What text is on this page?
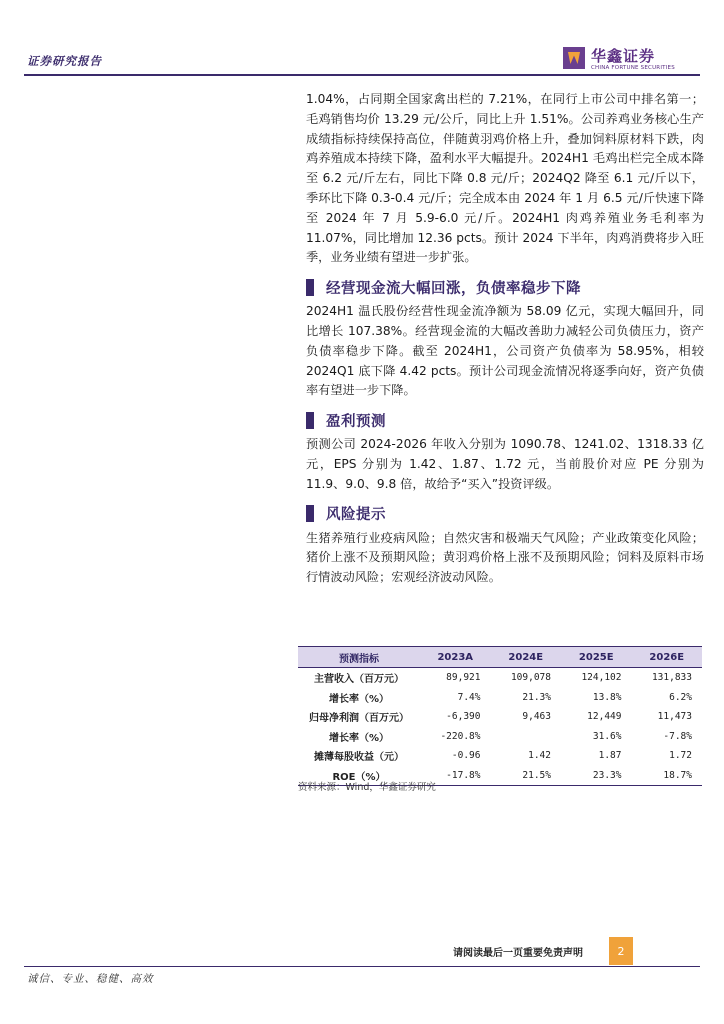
证券研究报告	华鑫证券
CHINA FORTUNE SECURITIES

1.04%，占同期全国家禽出栏的 7.21%，在同行上市公司中排名第一；毛鸡销售均价 13.29 元/公斤，同比上升 1.51%。公司养鸡业务核心生产成绩指标持续保持高位，伴随黄羽鸡价格上升，叠加饲料原材料下跌，肉鸡养殖成本持续下降，盈利水平大幅提升。2024H1 毛鸡出栏完全成本降至 6.2 元/斤左右，同比下降 0.8 元/斤；2024Q2 降至 6.1 元/斤以下，季环比下降 0.3-0.4 元/斤；完全成本由 2024 年 1 月 6.5 元/斤快速下降至 2024 年 7 月 5.9-6.0 元/斤。2024H1 肉鸡养殖业务毛利率为 11.07%，同比增加 12.36 pcts。预计 2024 下半年，肉鸡消费将步入旺季，业务业绩有望进一步扩张。

经营现金流大幅回涨，负债率稳步下降

2024H1 温氏股份经营性现金流净额为 58.09 亿元，实现大幅回升，同比增长 107.38%。经营现金流的大幅改善助力减轻公司负债压力，资产负债率稳步下降。截至 2024H1，公司资产负债率为 58.95%，相较 2024Q1 底下降 4.42 pcts。预计公司现金流情况将逐季向好，资产负债率有望进一步下降。

盈利预测

预测公司 2024-2026 年收入分别为 1090.78、1241.02、1318.33 亿元，EPS 分别为 1.42、1.87、1.72 元，当前股价对应 PE 分别为 11.9、9.0、9.8 倍，故给予“买入”投资评级。

风险提示

生猪养殖行业疫病风险；自然灾害和极端天气风险；产业政策变化风险；猪价上涨不及预期风险；黄羽鸡价格上涨不及预期风险；饲料及原料市场行情波动风险；宏观经济波动风险。

预测指标	2023A	2024E	2025E	2026E
主营收入（百万元）	89,921	109,078	124,102	131,833
增长率（%）	7.4%	21.3%	13.8%	6.2%
归母净利润（百万元）	-6,390	9,463	12,449	11,473
增长率（%）	-220.8%		31.6%	-7.8%
摊薄每股收益（元）	-0.96	1.42	1.87	1.72
ROE（%）	-17.8%	21.5%	23.3%	18.7%
资料来源：Wind，华鑫证券研究
请阅读最后一页重要免责声明	2
诚信、专业、稳健、高效
